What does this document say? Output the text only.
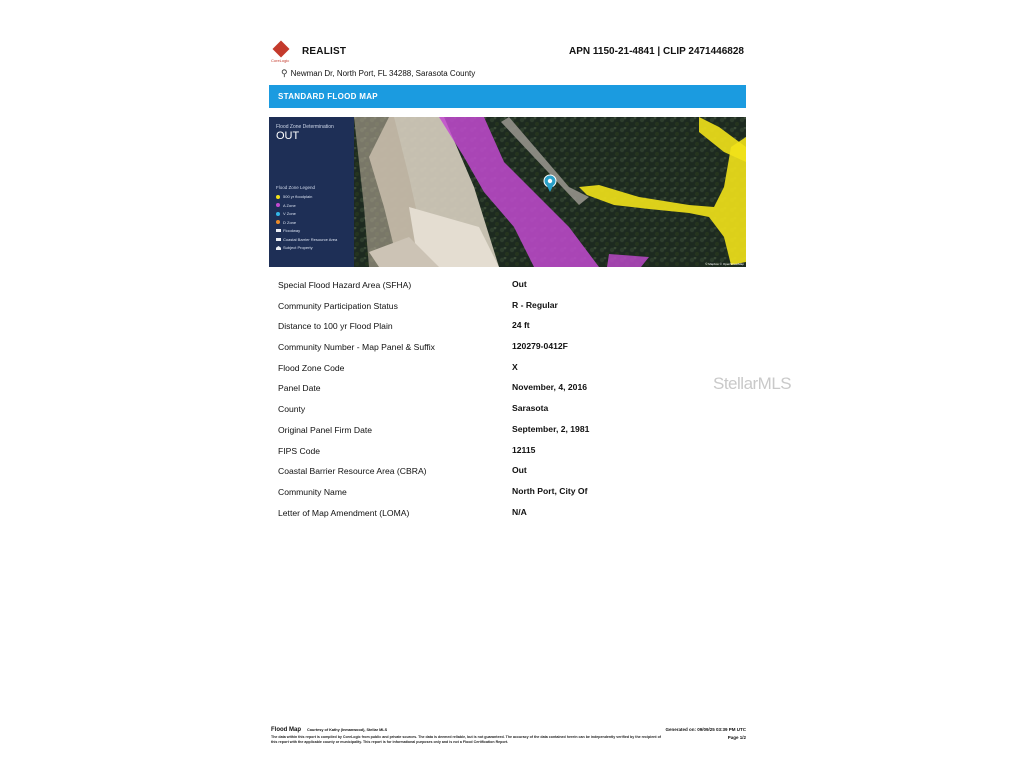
CoreLogic
REALIST	APN 1150-21-4841 | CLIP 2471446828
⚲ Newman Dr, North Port, FL 34288, Sarasota County
STANDARD FLOOD MAP
Flood Zone Determination
OUT
Flood Zone Legend
500 yr floodplain
A Zone
V Zone
D Zone
Floodway
Coastal Barrier Resource Area
Subject Property
© Mapbox © OpenStreetMap
Special Flood Hazard Area (SFHA)	Out
Community Participation Status	R - Regular
Distance to 100 yr Flood Plain	24 ft
Community Number - Map Panel & Suffix	120279-0412F
Flood Zone Code	X
Panel Date	November, 4, 2016
County	Sarasota
Original Panel Firm Date	September, 2, 1981
FIPS Code	12115
Coastal Barrier Resource Area (CBRA)	Out
Community Name	North Port, City Of
Letter of Map Amendment (LOMA)	N/A
StellarMLS
Flood Map Courtesy of Kathy (Inmanwood), Stellar MLS	Generated on: 09/09/25 03:39 PM UTC
The data within this report is compiled by CoreLogic from public and private sources. The data is deemed reliable, but is not guaranteed. The accuracy of the data contained herein can be independently verified by the recipient of this report with the applicable county or municipality. This report is for informational purposes only and is not a Flood Certification Report.
Page 1/2
